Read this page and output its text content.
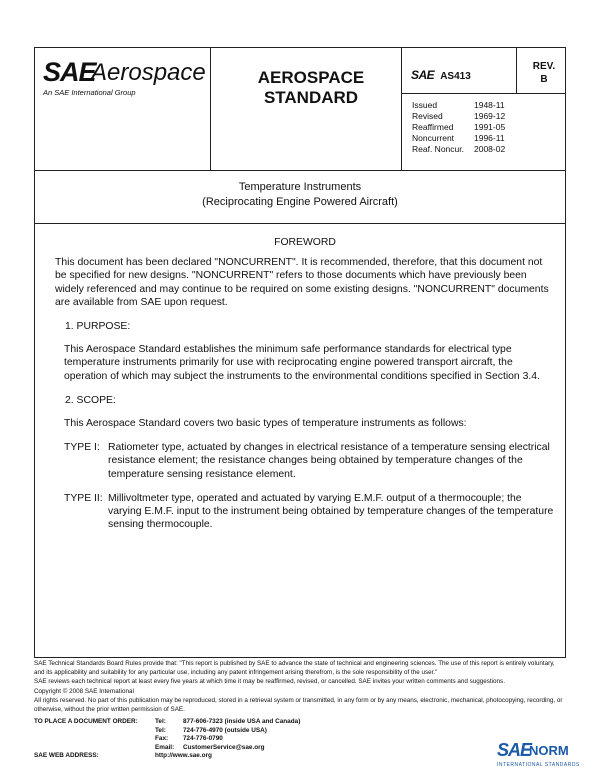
SAE
Aerospace
An SAE International Group
AEROSPACE
STANDARD
SAE AS413
REV.
B
Issued	1948-11
Revised	1969-12
Reaffirmed	1991-05
Noncurrent	1996-11
Reaf. Noncur.	2008-02
Temperature Instruments
(Reciprocating Engine Powered Aircraft)
FOREWORD
This document has been declared "NONCURRENT". It is recommended, therefore, that this document not be specified for new designs. "NONCURRENT" refers to those documents which have previously been widely referenced and may continue to be required on some existing designs. "NONCURRENT" documents are available from SAE upon request.
1. PURPOSE:
This Aerospace Standard establishes the minimum safe performance standards for electrical type temperature instruments primarily for use with reciprocating engine powered transport aircraft, the operation of which may subject the instruments to the environmental conditions specified in Section 3.4.
2. SCOPE:
This Aerospace Standard covers two basic types of temperature instruments as follows:
TYPE I: Ratiometer type, actuated by changes in electrical resistance of a temperature sensing electrical resistance element; the resistance changes being obtained by temperature changes of the temperature sensing resistance element.
TYPE II: Millivoltmeter type, operated and actuated by varying E.M.F. output of a thermocouple; the varying E.M.F. input to the instrument being obtained by temperature changes of the temperature sensing thermocouple.
SAE Technical Standards Board Rules provide that: "This report is published by SAE to advance the state of technical and engineering sciences. The use of this report is entirely voluntary, and its applicability and suitability for any particular use, including any patent infringement arising therefrom, is the sole responsibility of the user."
SAE reviews each technical report at least every five years at which time it may be reaffirmed, revised, or cancelled. SAE invites your written comments and suggestions.
Copyright © 2008 SAE International
All rights reserved. No part of this publication may be reproduced, stored in a retrieval system or transmitted, in any form or by any means, electronic, mechanical, photocopying, recording, or otherwise, without the prior written permission of SAE.
TO PLACE A DOCUMENT ORDER:	Tel:	877-606-7323 (inside USA and Canada)
Tel:	724-776-4970 (outside USA)
Fax:	724-776-0790
Email:	CustomerService@sae.org
SAE WEB ADDRESS:	http://www.sae.org	SAE
NORM
INTERNATIONAL STANDARDS
